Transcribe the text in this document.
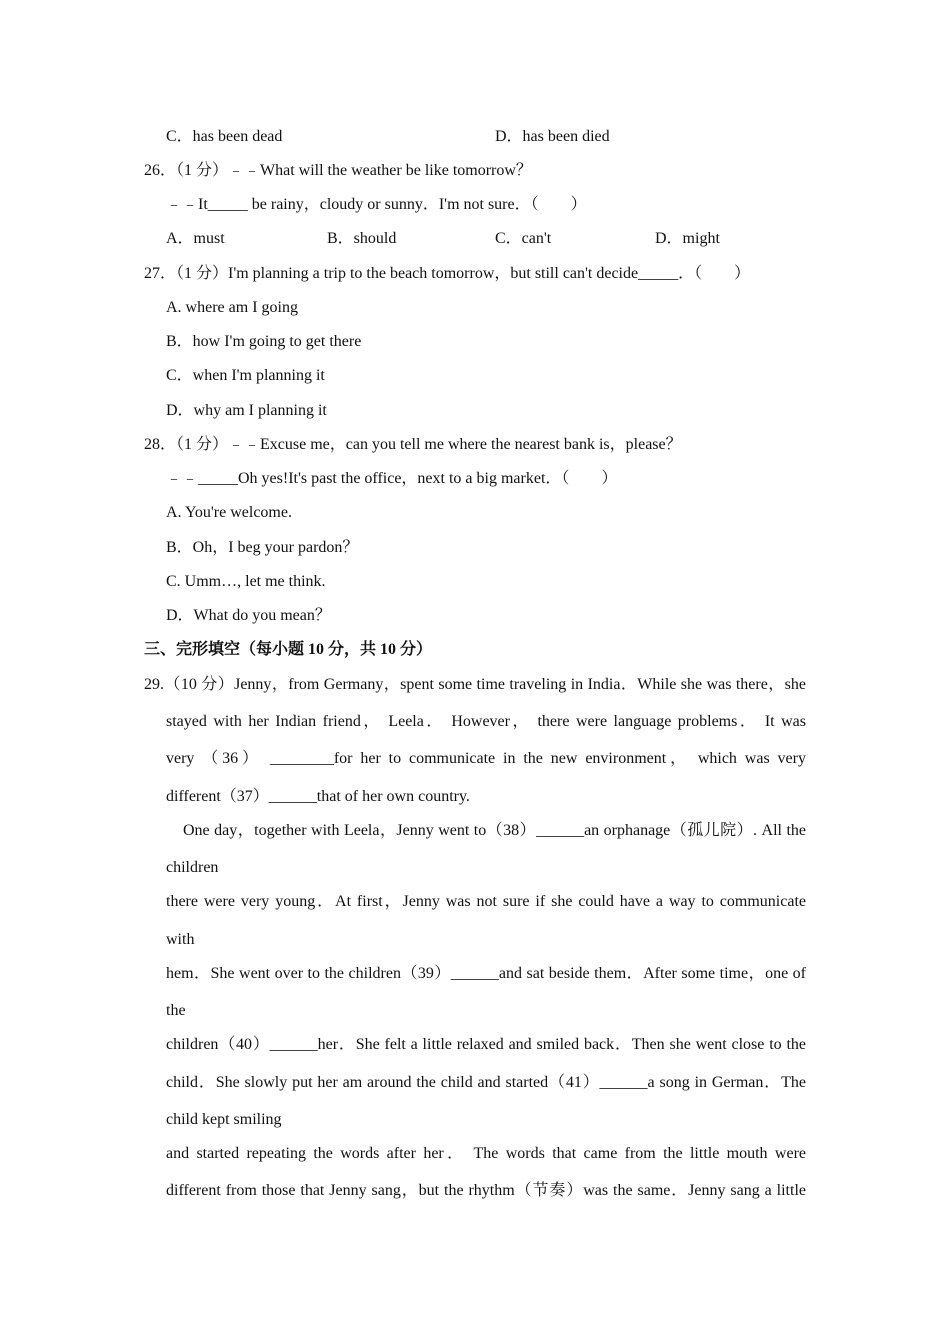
C．has been dead	D．has been died
26．（1 分）﹣﹣What will the weather be like tomorrow？
﹣﹣It_____ be rainy，cloudy or sunny．I'm not sure．（　　）
A．must	B．should	C．can't	D．might
27．（1 分）I'm planning a trip to the beach tomorrow，but still can't decide_____．（　　）
A. where am I going
B．how I'm going to get there
C．when I'm planning it
D．why am I planning it
28．（1 分）﹣﹣Excuse me，can you tell me where the nearest bank is，please？
﹣﹣_____Oh yes!It's past the office，next to a big market．（　　）
A. You're welcome.
B．Oh，I beg your pardon？
C. Umm…, let me think.
D．What do you mean？
三、完形填空（每小题 10 分，共 10 分）
29.（10 分）Jenny，from Germany，spent some time traveling in India．While she was there，she
stayed with her Indian friend， Leela． However， there were language problems． It was
very （36） ________for her to communicate in the new environment， which was very
different（37）______that of her own country.
One day，together with Leela，Jenny went to（38）______an orphanage（孤儿院）. All the
children
there were very young．At first，Jenny was not sure if she could have a way to communicate
with
hem．She went over to the children（39）______and sat beside them．After some time，one of
the
children（40）______her．She felt a little relaxed and smiled back．Then she went close to the
child．She slowly put her am around the child and started（41）______a song in German．The
child kept smiling
and started repeating the words after her． The words that came from the little mouth were
different from those that Jenny sang，but the rhythm（节奏）was the same．Jenny sang a little
